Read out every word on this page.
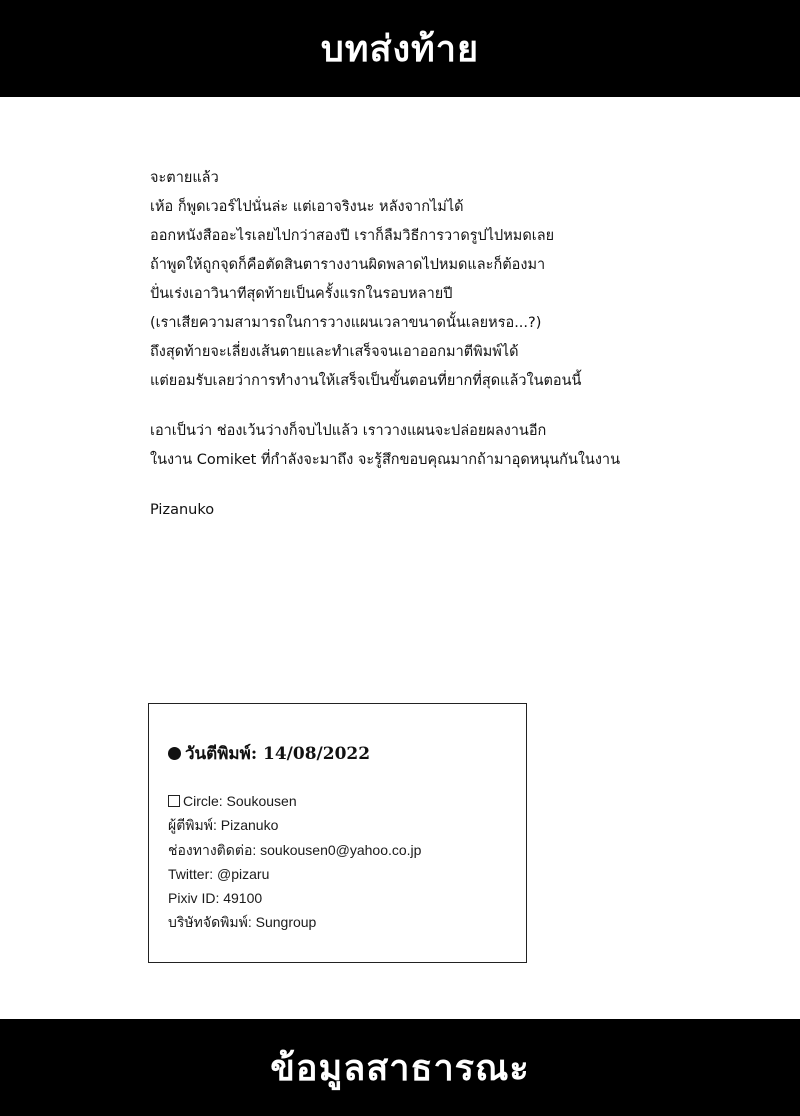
บทส่งท้าย
จะตายแล้ว
เห้อ ก็พูดเวอร์ไปนั่นล่ะ แต่เอาจริงนะ หลังจากไม่ได้
ออกหนังสืออะไรเลยไปกว่าสองปี เราก็ลืมวิธีการวาดรูปไปหมดเลย
ถ้าพูดให้ถูกจุดก็คือตัดสินตารางงานผิดพลาดไปหมดและก็ต้องมา
ปั่นเร่งเอาวินาทีสุดท้ายเป็นครั้งแรกในรอบหลายปี
(เราเสียความสามารถในการวางแผนเวลาขนาดนั้นเลยหรอ...?)
ถึงสุดท้ายจะเลี่ยงเส้นตายและทำเสร็จจนเอาออกมาตีพิมพ์ได้
แต่ยอมรับเลยว่าการทำงานให้เสร็จเป็นขั้นตอนที่ยากที่สุดแล้วในตอนนี้
เอาเป็นว่า ช่องเว้นว่างก็จบไปแล้ว เราวางแผนจะปล่อยผลงานอีก
ในงาน Comiket ที่กำลังจะมาถึง จะรู้สึกขอบคุณมากถ้ามาอุดหนุนกันในงาน
Pizanuko
วันตีพิมพ์: 14/08/2022
Circle: Soukousen
ผู้ตีพิมพ์: Pizanuko
ช่องทางติดต่อ: soukousen0@yahoo.co.jp
Twitter: @pizaru
Pixiv ID: 49100
บริษัทจัดพิมพ์: Sungroup
ข้อมูลสาธารณะ
